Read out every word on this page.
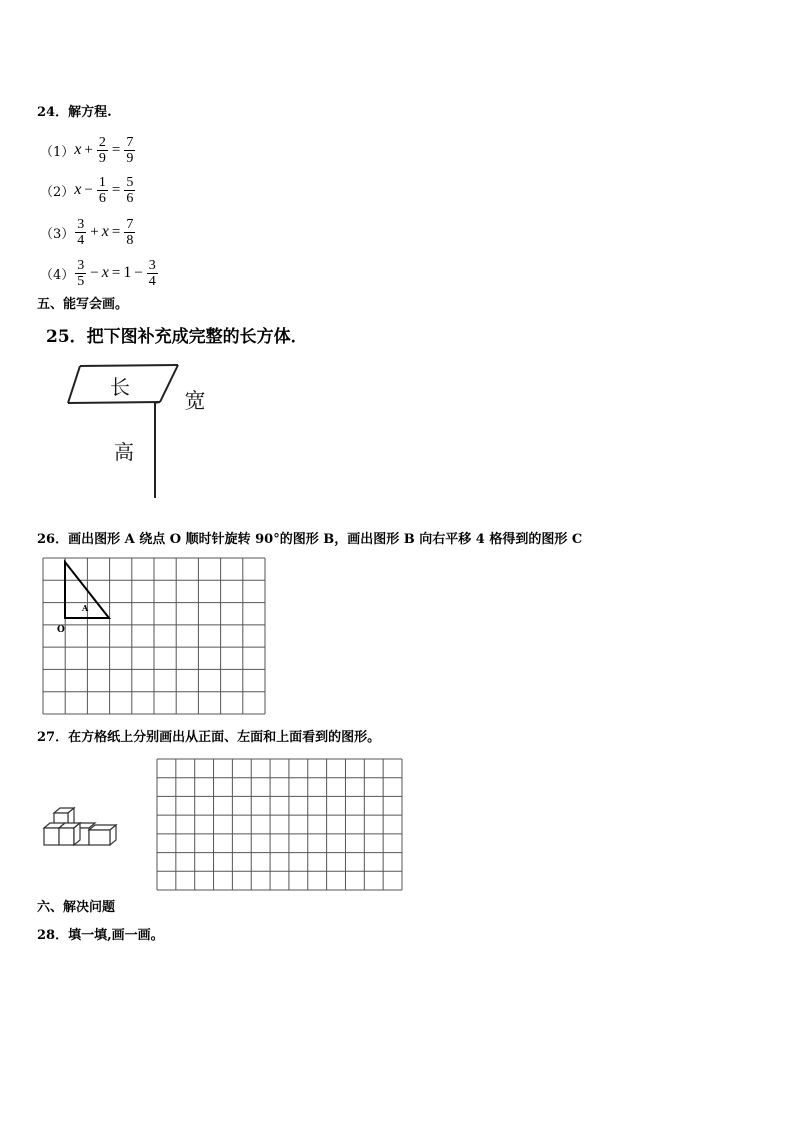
24．解方程.
（1） $x + \frac{2}{9} = \frac{7}{9}$
（2） $x - \frac{1}{6} = \frac{5}{6}$
$(3) \frac{3}{4} + x = \frac{7}{8}$
$(4) \frac{3}{5} - x = 1 - \frac{3}{4}$
五、能写会画。
25．把下图补充成完整的长方体．
长
宽
高
26．画出图形 A 绕点 O 顺时针旋转 90°的图形 B，画出图形 B 向右平移 4 格得到的图形 C
A
O
27．在方格纸上分别画出从正面、左面和上面看到的图形。
六、解决问题
28．填一填,画一画。
